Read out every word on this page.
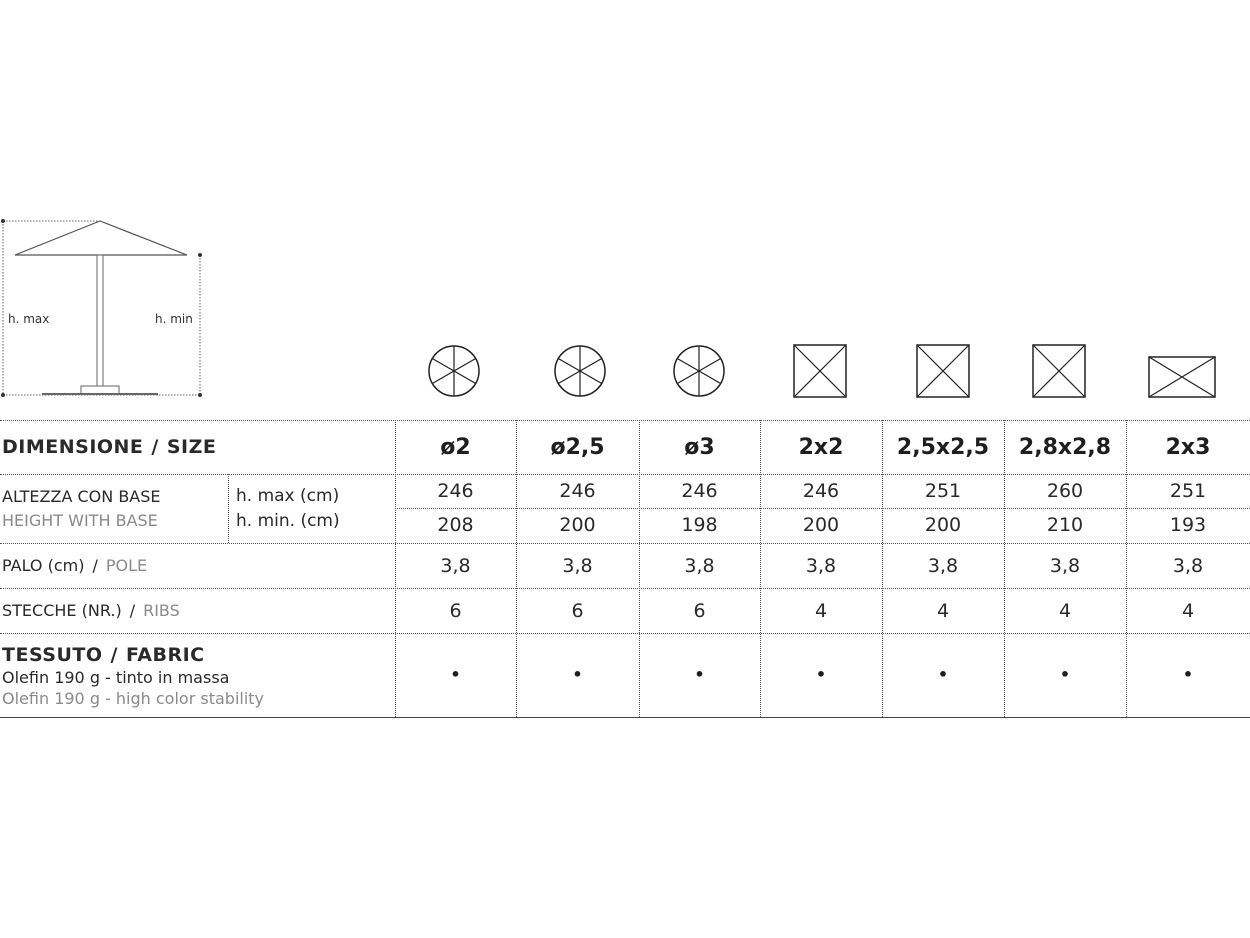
h. max	h. min
DIMENSIONE / SIZE
ALTEZZA CON BASE
HEIGHT WITH BASE
h. max (cm)
h. min. (cm)
PALO (cm) / POLE
STECCHE (NR.) / RIBS
TESSUTO / FABRIC
Olefin 190 g - tinto in massa
Olefin 190 g - high color stability
ø2
246
208
3,8
6
•
ø2,5
246
200
3,8
6
•
ø3
246
198
3,8
6
•
2x2
246
200
3,8
4
•
2,5x2,5
251
200
3,8
4
•
2,8x2,8
260
210
3,8
4
•
2x3
251
193
3,8
4
•
